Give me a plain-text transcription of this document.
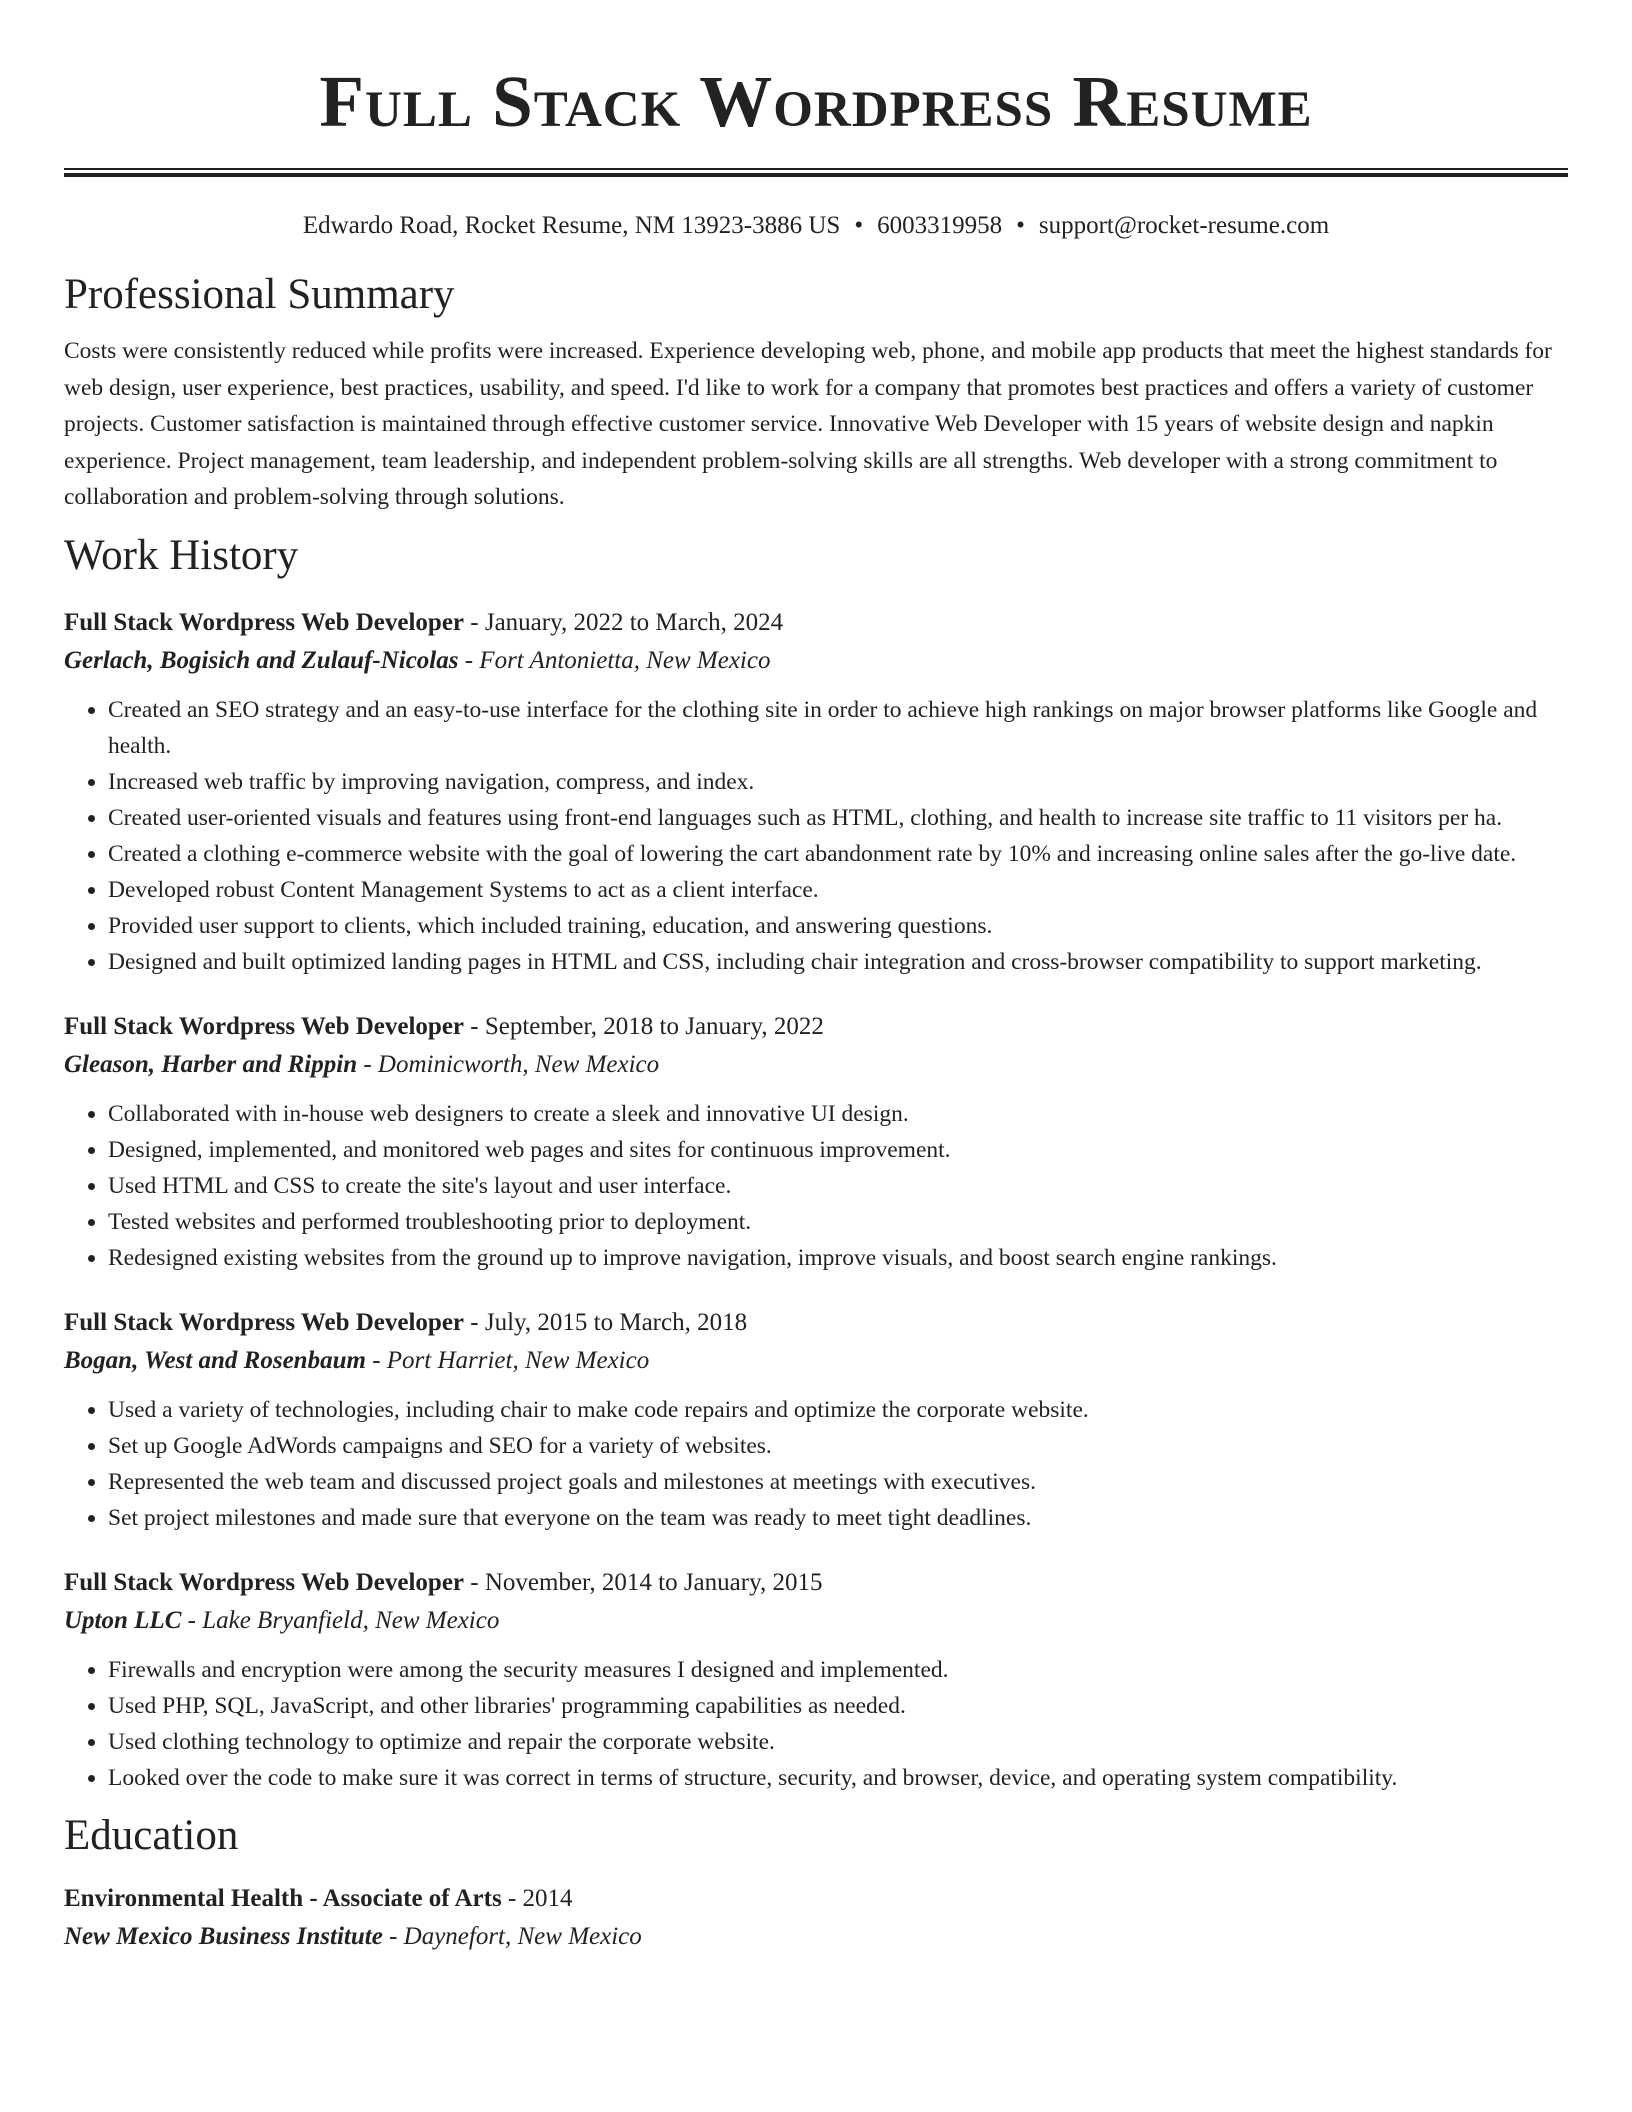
Full Stack Wordpress Resume
Edwardo Road, Rocket Resume, NM 13923-3886 US • 6003319958 • support@rocket-resume.com
Professional Summary

Costs were consistently reduced while profits were increased. Experience developing web, phone, and mobile app products that meet the highest standards for web design, user experience, best practices, usability, and speed. I'd like to work for a company that promotes best practices and offers a variety of customer projects. Customer satisfaction is maintained through effective customer service. Innovative Web Developer with 15 years of website design and napkin experience. Project management, team leadership, and independent problem-solving skills are all strengths. Web developer with a strong commitment to collaboration and problem-solving through solutions.

Work History
Full Stack Wordpress Web Developer - January, 2022 to March, 2024
Gerlach, Bogisich and Zulauf-Nicolas - Fort Antonietta, New Mexico
• Created an SEO strategy and an easy-to-use interface for the clothing site in order to achieve high rankings on major browser platforms like Google and health.
• Increased web traffic by improving navigation, compress, and index.
• Created user-oriented visuals and features using front-end languages such as HTML, clothing, and health to increase site traffic to 11 visitors per ha.
• Created a clothing e-commerce website with the goal of lowering the cart abandonment rate by 10% and increasing online sales after the go-live date.
• Developed robust Content Management Systems to act as a client interface.
• Provided user support to clients, which included training, education, and answering questions.
• Designed and built optimized landing pages in HTML and CSS, including chair integration and cross-browser compatibility to support marketing.
Full Stack Wordpress Web Developer - September, 2018 to January, 2022
Gleason, Harber and Rippin - Dominicworth, New Mexico
• Collaborated with in-house web designers to create a sleek and innovative UI design.
• Designed, implemented, and monitored web pages and sites for continuous improvement.
• Used HTML and CSS to create the site's layout and user interface.
• Tested websites and performed troubleshooting prior to deployment.
• Redesigned existing websites from the ground up to improve navigation, improve visuals, and boost search engine rankings.
Full Stack Wordpress Web Developer - July, 2015 to March, 2018
Bogan, West and Rosenbaum - Port Harriet, New Mexico
• Used a variety of technologies, including chair to make code repairs and optimize the corporate website.
• Set up Google AdWords campaigns and SEO for a variety of websites.
• Represented the web team and discussed project goals and milestones at meetings with executives.
• Set project milestones and made sure that everyone on the team was ready to meet tight deadlines.
Full Stack Wordpress Web Developer - November, 2014 to January, 2015
Upton LLC - Lake Bryanfield, New Mexico
• Firewalls and encryption were among the security measures I designed and implemented.
• Used PHP, SQL, JavaScript, and other libraries' programming capabilities as needed.
• Used clothing technology to optimize and repair the corporate website.
• Looked over the code to make sure it was correct in terms of structure, security, and browser, device, and operating system compatibility.
Education
Environmental Health - Associate of Arts - 2014
New Mexico Business Institute - Daynefort, New Mexico
